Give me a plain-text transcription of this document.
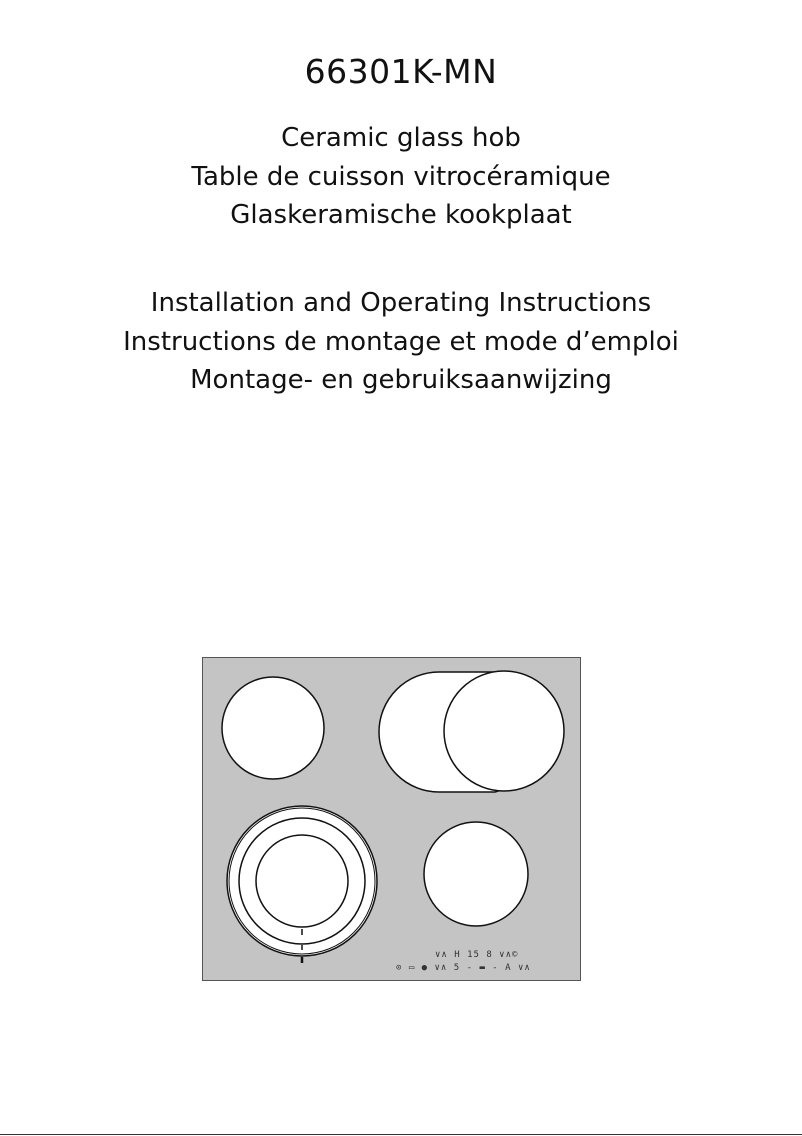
66301K-MN
Ceramic glass hob
Table de cuisson vitrocéramique
Glaskeramische kookplaat
Installation and Operating Instructions
Instructions de montage et mode d’emploi
Montage- en gebruiksaanwijzing
∨∧ H 15 8 ∨∧©
⊙ ▭ ● ∨∧ 5 - ▬ - A ∨∧
